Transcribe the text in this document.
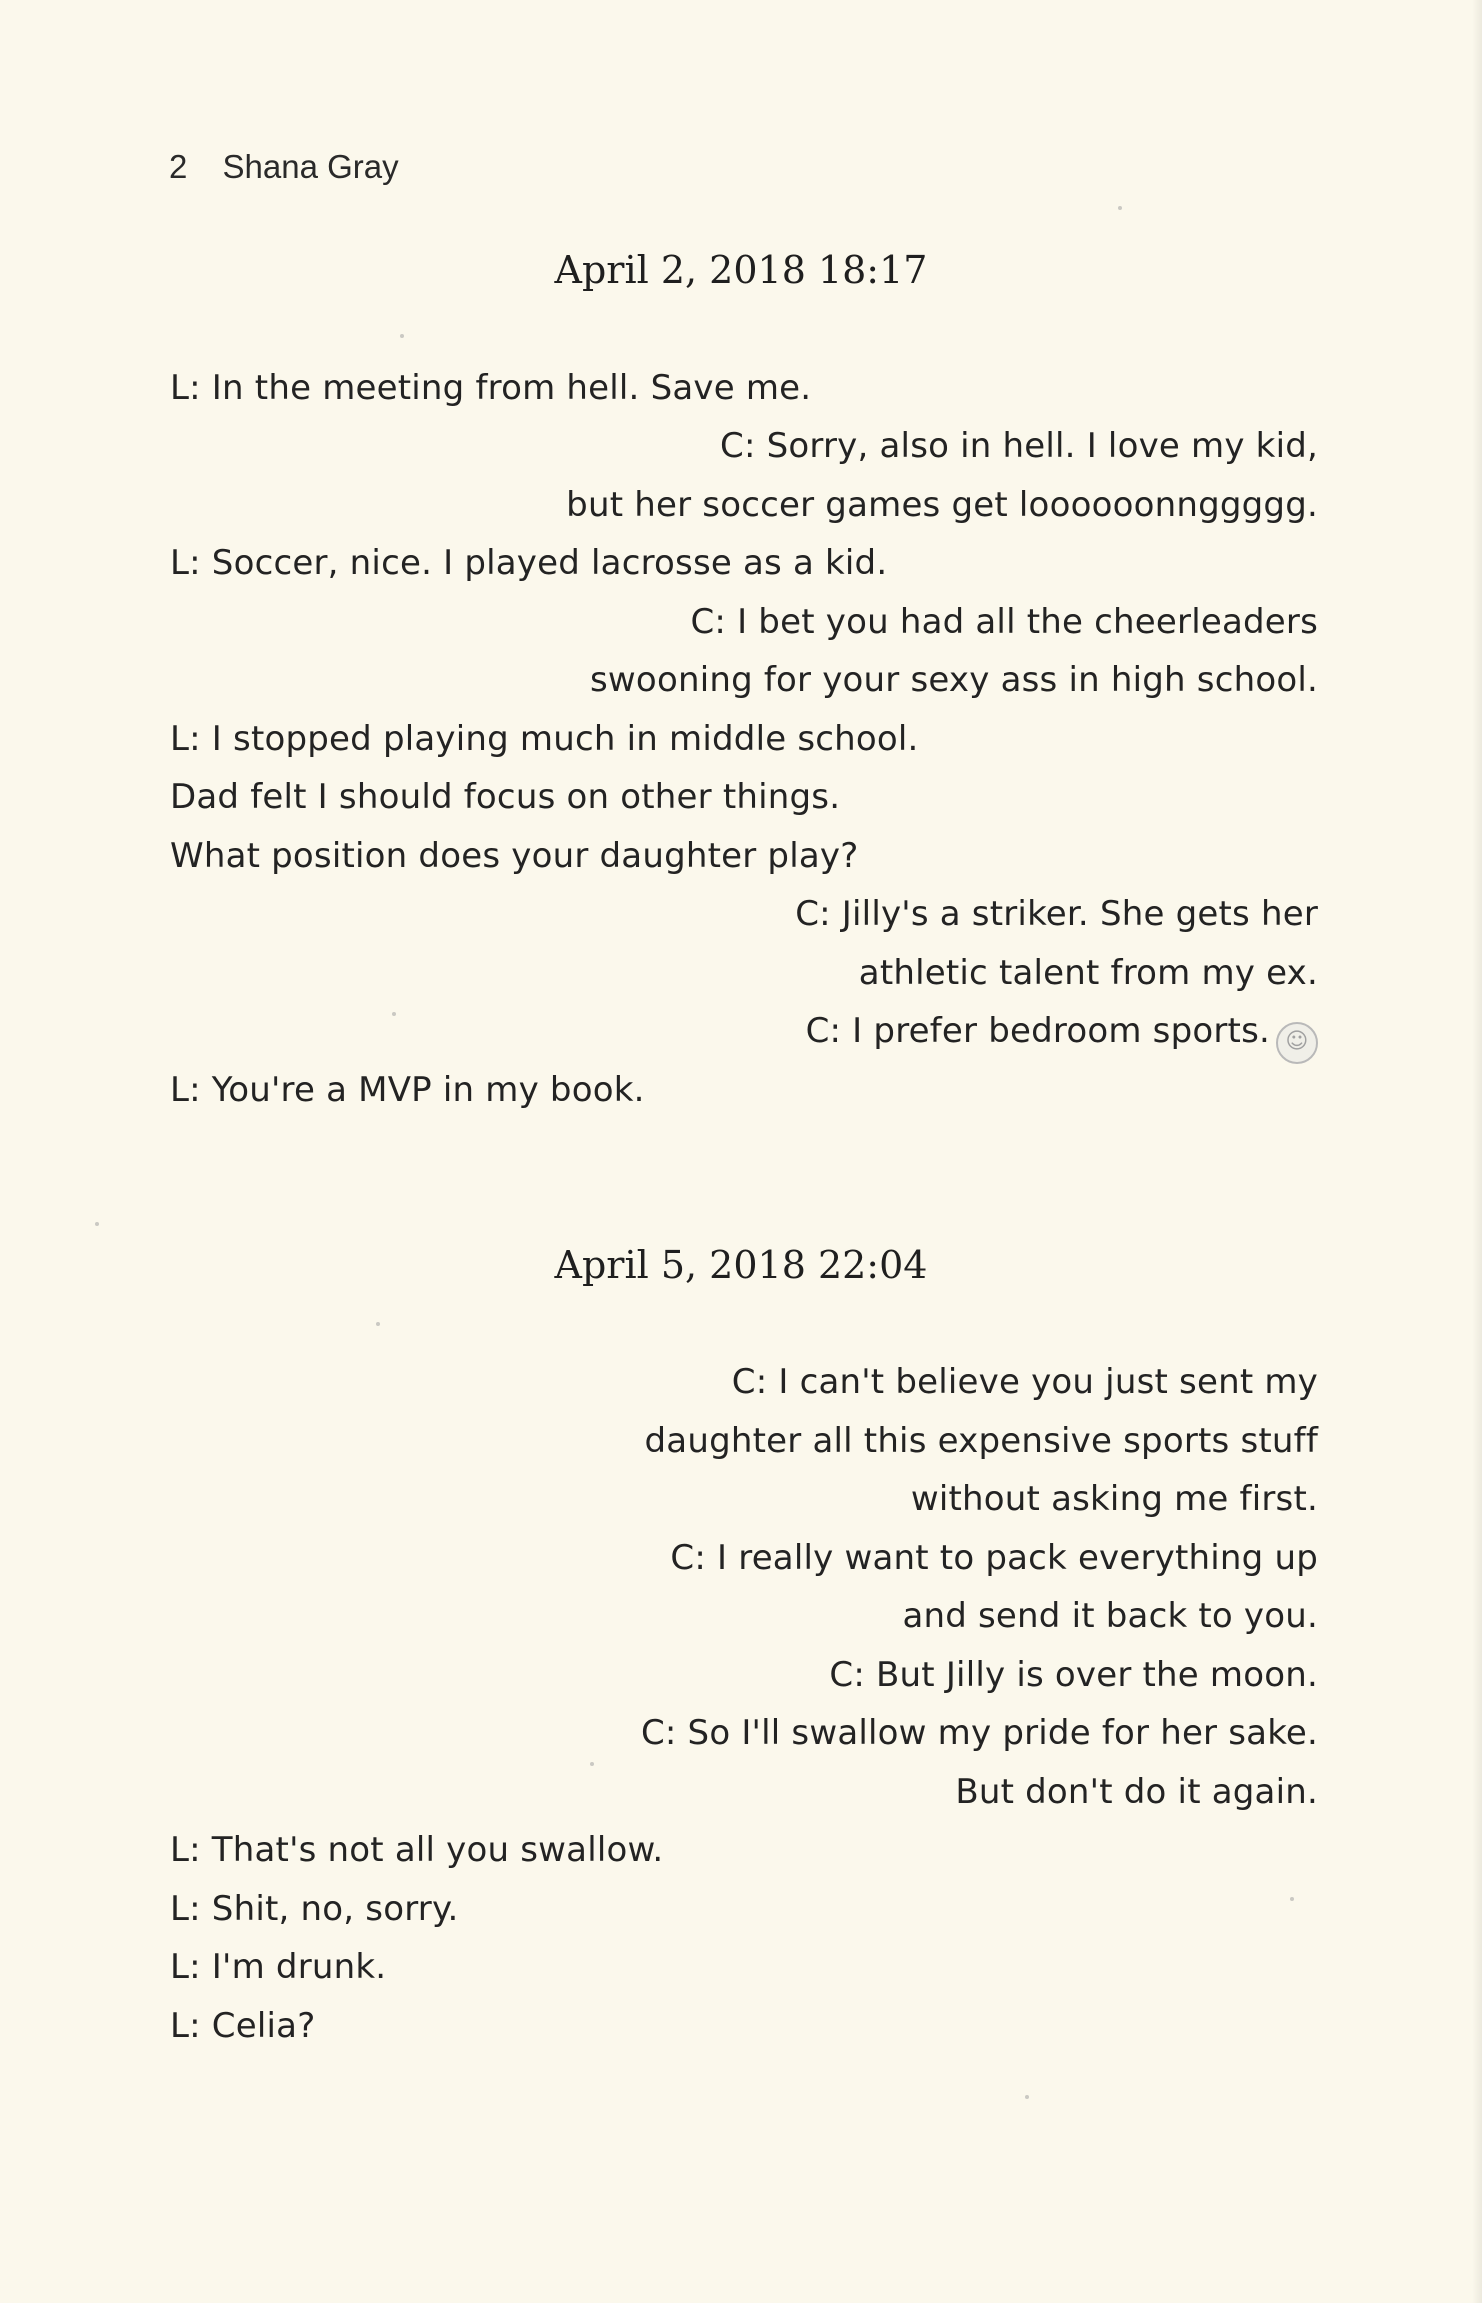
2 Shana Gray
April 2, 2018 18:17
L: In the meeting from hell. Save me.
C: Sorry, also in hell. I love my kid,
but her soccer games get loooooonnggggg.
L: Soccer, nice. I played lacrosse as a kid.
C: I bet you had all the cheerleaders
swooning for your sexy ass in high school.
L: I stopped playing much in middle school.
Dad felt I should focus on other things.
What position does your daughter play?
C: Jilly's a striker. She gets her
athletic talent from my ex.
C: I prefer bedroom sports. ☺
L: You're a MVP in my book.
April 5, 2018 22:04
C: I can't believe you just sent my
daughter all this expensive sports stuff
without asking me first.
C: I really want to pack everything up
and send it back to you.
C: But Jilly is over the moon.
C: So I'll swallow my pride for her sake.
But don't do it again.
L: That's not all you swallow.
L: Shit, no, sorry.
L: I'm drunk.
L: Celia?
